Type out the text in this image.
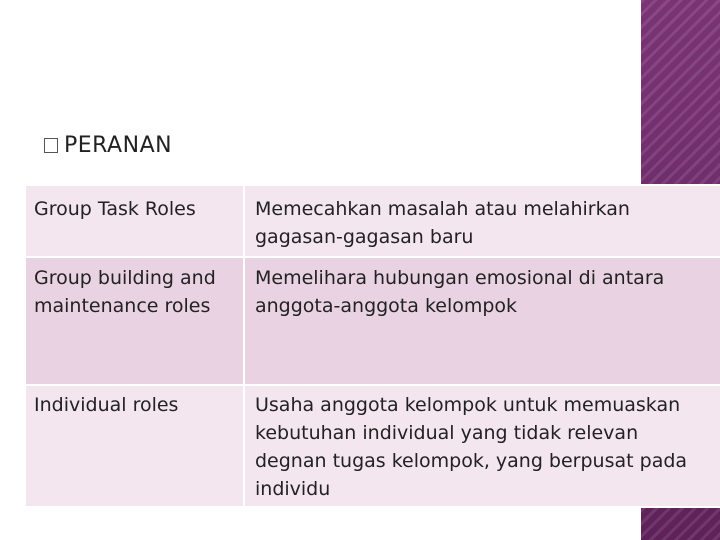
PERANAN
Group Task Roles	Memecahkan masalah atau melahirkan gagasan-gagasan baru
Group building and maintenance roles	Memelihara hubungan emosional di antara anggota-anggota kelompok
Individual roles	Usaha anggota kelompok untuk memuaskan kebutuhan individual yang tidak relevan degnan tugas kelompok, yang berpusat pada individu
